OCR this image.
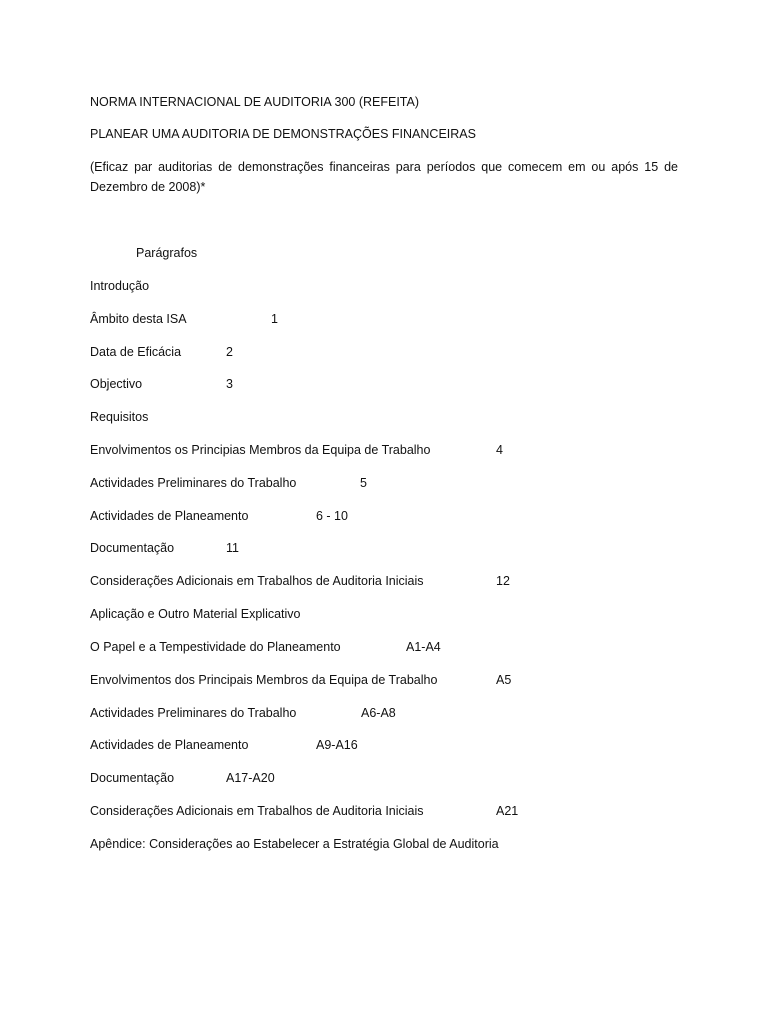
NORMA INTERNACIONAL DE AUDITORIA 300 (REFEITA)
PLANEAR UMA AUDITORIA DE DEMONSTRAÇÕES FINANCEIRAS
(Eficaz par auditorias de demonstrações financeiras para períodos que comecem em ou após 15 de Dezembro de 2008)*
Parágrafos
Introdução
Âmbito desta ISA	1
Data de Eficácia	2
Objectivo	3
Requisitos
Envolvimentos os Principias Membros da Equipa de Trabalho	4
Actividades Preliminares do Trabalho	5
Actividades de Planeamento	6 - 10
Documentação	11
Considerações Adicionais em Trabalhos de Auditoria Iniciais	12
Aplicação e Outro Material Explicativo
O Papel e a Tempestividade do Planeamento	A1-A4
Envolvimentos dos Principais Membros da Equipa de Trabalho	A5
Actividades Preliminares do Trabalho	A6-A8
Actividades de Planeamento	A9-A16
Documentação	A17-A20
Considerações Adicionais em Trabalhos de Auditoria Iniciais	A21
Apêndice: Considerações ao Estabelecer a Estratégia Global de Auditoria
